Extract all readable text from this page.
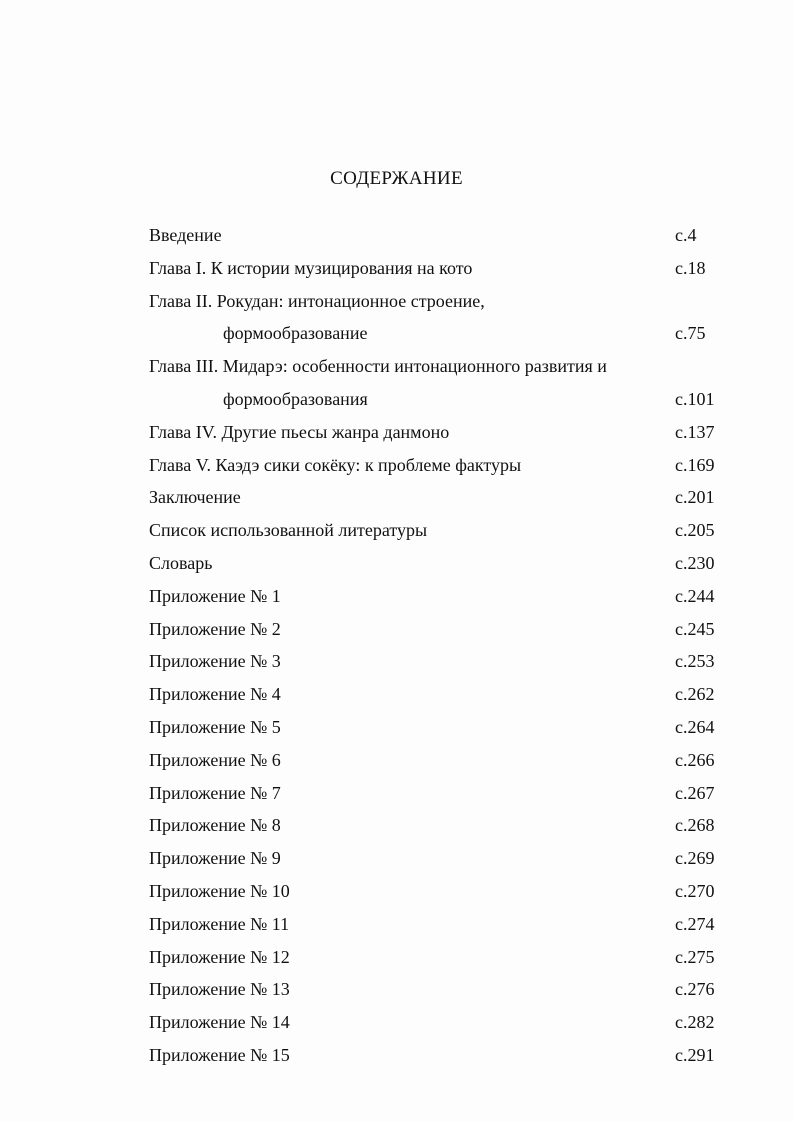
СОДЕРЖАНИЕ
Введение	с.4
Глава I. К истории музицирования на кото	с.18
Глава II. Рокудан: интонационное строение,
формообразование	с.75
Глава III. Мидарэ: особенности интонационного развития и
формообразования	с.101
Глава IV. Другие пьесы жанра данмоно	с.137
Глава V. Каэдэ сики сокёку: к проблеме фактуры	с.169
Заключение	с.201
Список использованной литературы	с.205
Словарь	с.230
Приложение № 1	с.244
Приложение № 2	с.245
Приложение № 3	с.253
Приложение № 4	с.262
Приложение № 5	с.264
Приложение № 6	с.266
Приложение № 7	с.267
Приложение № 8	с.268
Приложение № 9	с.269
Приложение № 10	с.270
Приложение № 11	с.274
Приложение № 12	с.275
Приложение № 13	с.276
Приложение № 14	с.282
Приложение № 15	с.291
